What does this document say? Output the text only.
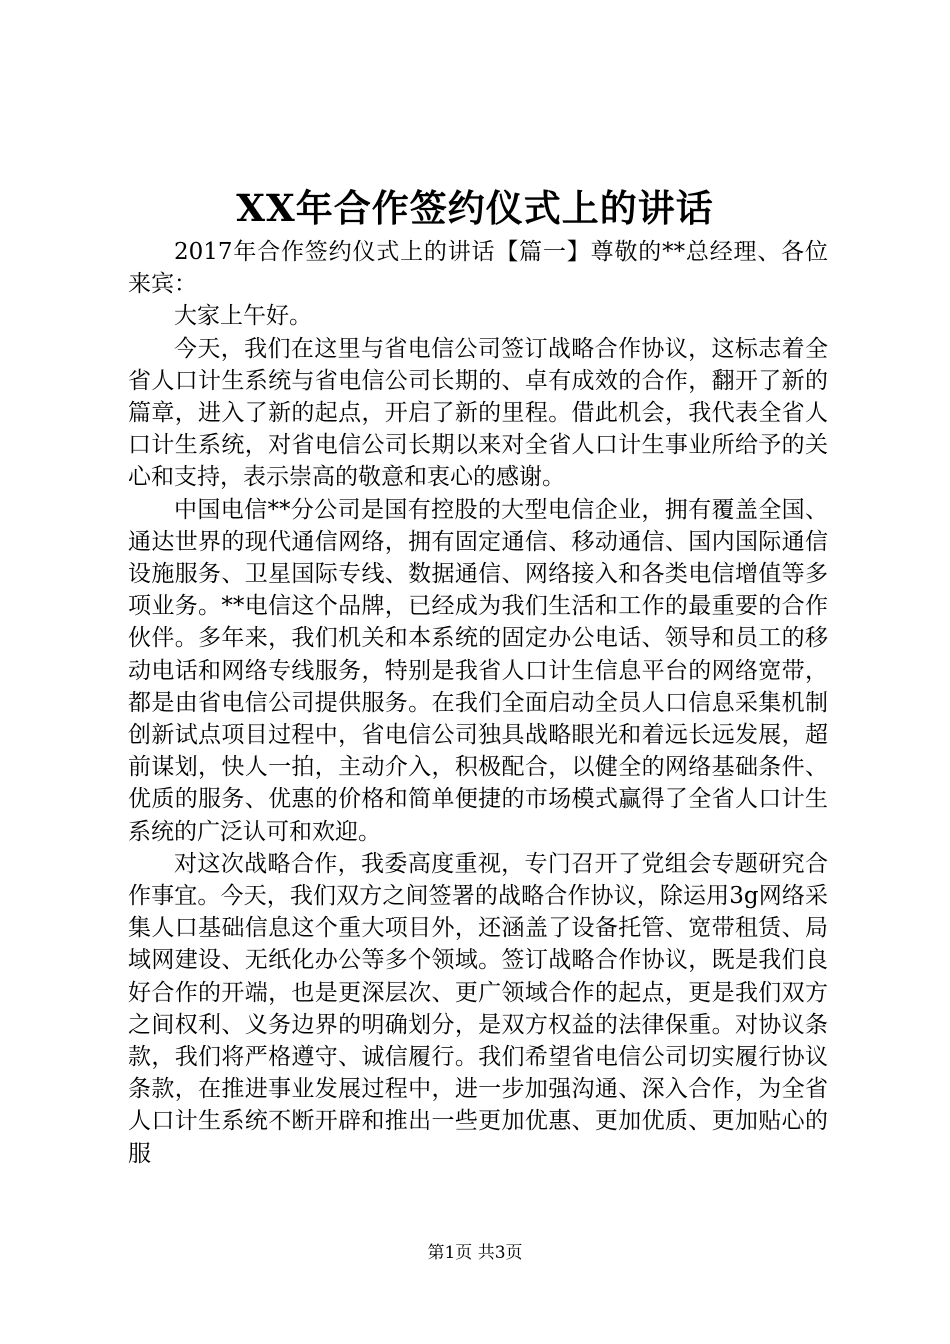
XX年合作签约仪式上的讲话

2017年合作签约仪式上的讲话【篇一】尊敬的**总经理、各位来宾：

大家上午好。

今天，我们在这里与省电信公司签订战略合作协议，这标志着全省人口计生系统与省电信公司长期的、卓有成效的合作，翻开了新的篇章，进入了新的起点，开启了新的里程。借此机会，我代表全省人口计生系统，对省电信公司长期以来对全省人口计生事业所给予的关心和支持，表示崇高的敬意和衷心的感谢。

中国电信**分公司是国有控股的大型电信企业，拥有覆盖全国、通达世界的现代通信网络，拥有固定通信、移动通信、国内国际通信设施服务、卫星国际专线、数据通信、网络接入和各类电信增值等多项业务。**电信这个品牌，已经成为我们生活和工作的最重要的合作伙伴。多年来，我们机关和本系统的固定办公电话、领导和员工的移动电话和网络专线服务，特别是我省人口计生信息平台的网络宽带，都是由省电信公司提供服务。在我们全面启动全员人口信息采集机制创新试点项目过程中，省电信公司独具战略眼光和着远长远发展，超前谋划，快人一拍，主动介入，积极配合，以健全的网络基础条件、优质的服务、优惠的价格和简单便捷的市场模式赢得了全省人口计生系统的广泛认可和欢迎。

对这次战略合作，我委高度重视，专门召开了党组会专题研究合作事宜。今天，我们双方之间签署的战略合作协议，除运用3g网络采集人口基础信息这个重大项目外，还涵盖了设备托管、宽带租赁、局域网建设、无纸化办公等多个领域。签订战略合作协议，既是我们良好合作的开端，也是更深层次、更广领域合作的起点，更是我们双方之间权利、义务边界的明确划分，是双方权益的法律保重。对协议条款，我们将严格遵守、诚信履行。我们希望省电信公司切实履行协议条款，在推进事业发展过程中，进一步加强沟通、深入合作，为全省人口计生系统不断开辟和推出一些更加优惠、更加优质、更加贴心的服

第1页 共3页
